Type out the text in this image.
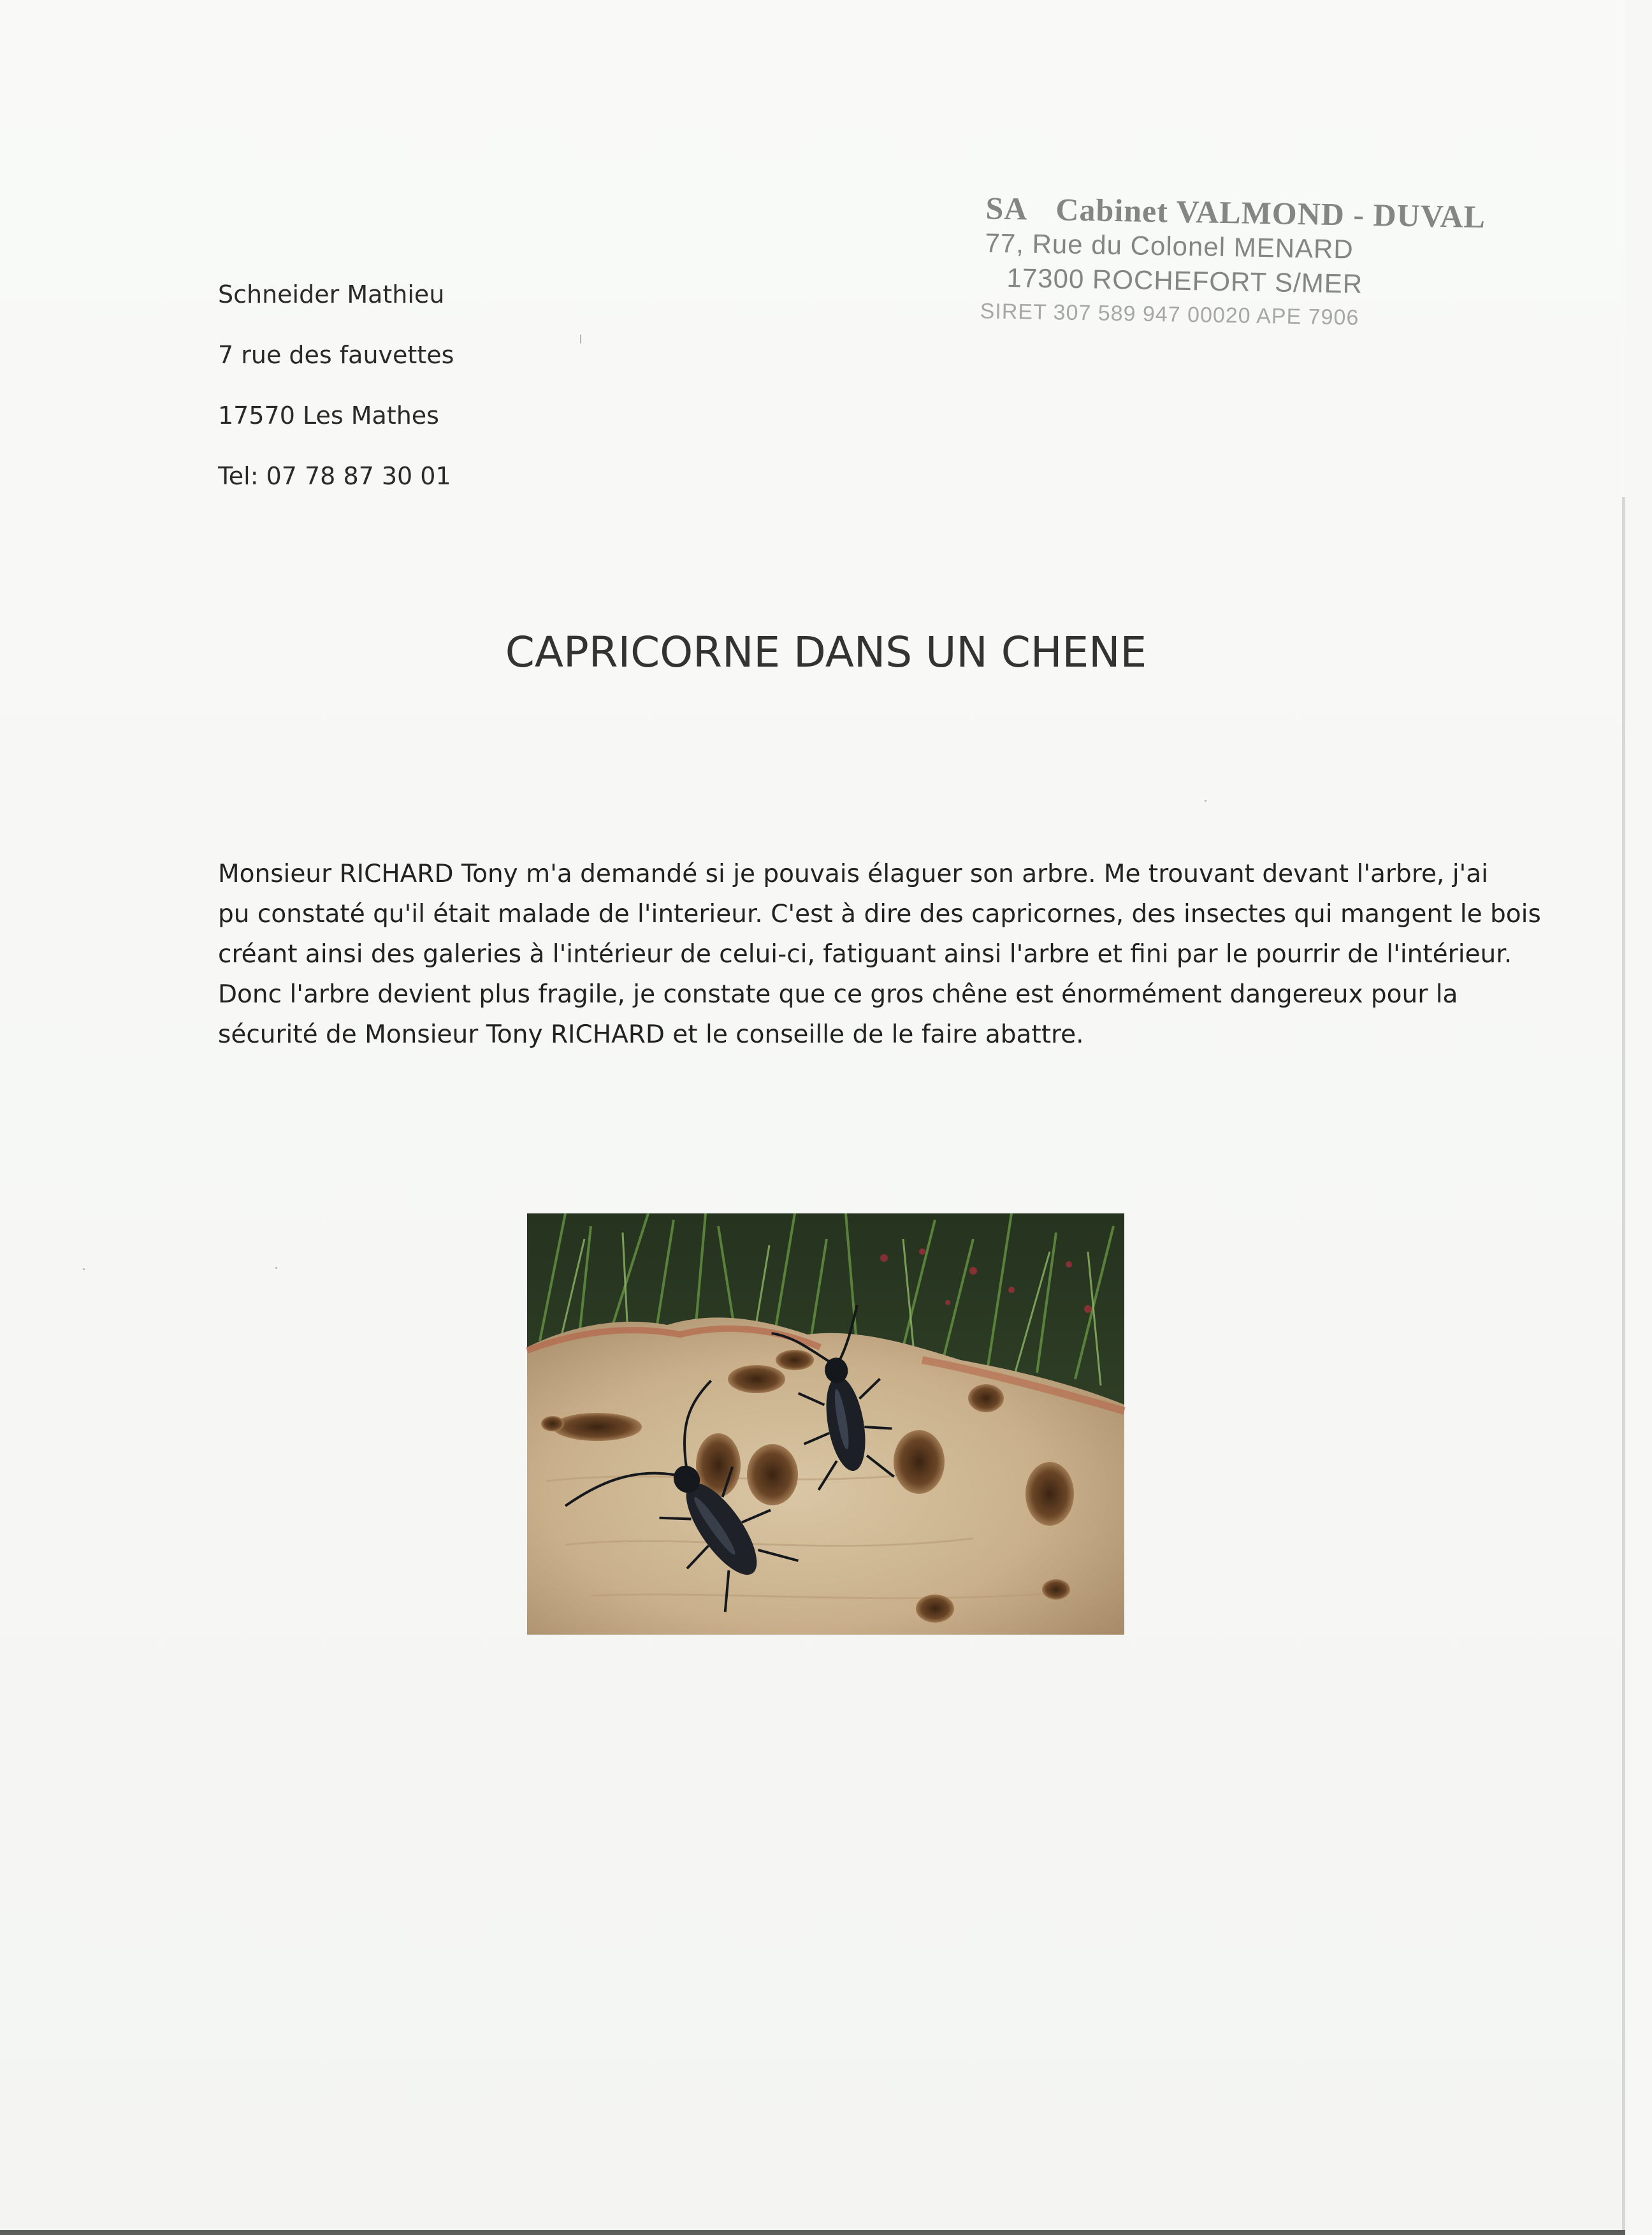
Schneider Mathieu
7 rue des fauvettes
17570 Les Mathes
Tel: 07 78 87 30 01
SA Cabinet VALMOND - DUVAL
77, Rue du Colonel MENARD
17300 ROCHEFORT S/MER
SIRET 307 589 947 00020 APE 7906
CAPRICORNE DANS UN CHENE
Monsieur RICHARD Tony m'a demandé si je pouvais élaguer son arbre. Me trouvant devant l'arbre, j'ai
pu constaté qu'il était malade de l'interieur. C'est à dire des capricornes, des insectes qui mangent le bois
créant ainsi des galeries à l'intérieur de celui-ci, fatiguant ainsi l'arbre et fini par le pourrir de l'intérieur.
Donc l'arbre devient plus fragile, je constate que ce gros chêne est énormément dangereux pour la
sécurité de Monsieur Tony RICHARD et le conseille de le faire abattre.
